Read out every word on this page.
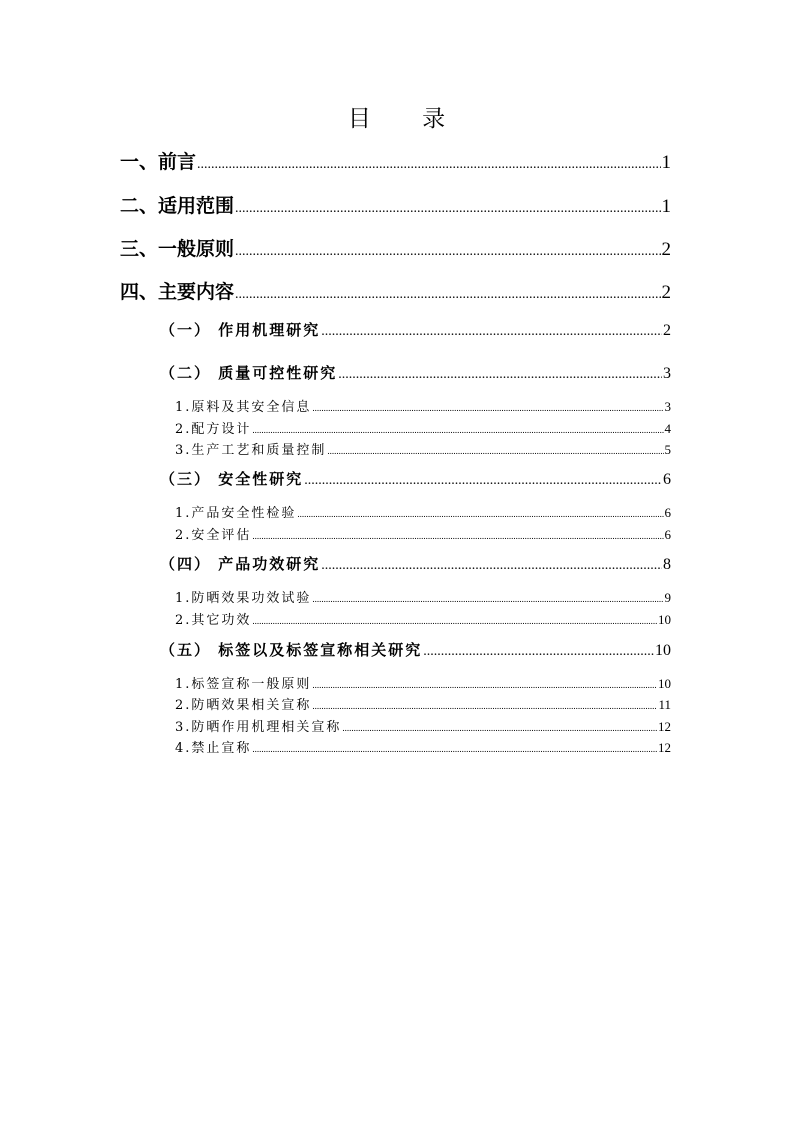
目 录
一、前言 .....	1
二、适用范围 .....	1
三、一般原则 .....	2
四、主要内容 .....	2
（一） 作用机理研究 .....	2
（二） 质量可控性研究 .....	3
1.原料及其安全信息 .....	3
2.配方设计 .....	4
3.生产工艺和质量控制 .....	5
（三） 安全性研究 .....	6
1.产品安全性检验 .....	6
2.安全评估 .....	6
（四） 产品功效研究 .....	8
1.防晒效果功效试验 .....	9
2.其它功效 .....	10
（五） 标签以及标签宣称相关研究 .....	10
1.标签宣称一般原则 .....	10
2.防晒效果相关宣称 .....	11
3.防晒作用机理相关宣称 .....	12
4.禁止宣称 .....	12
